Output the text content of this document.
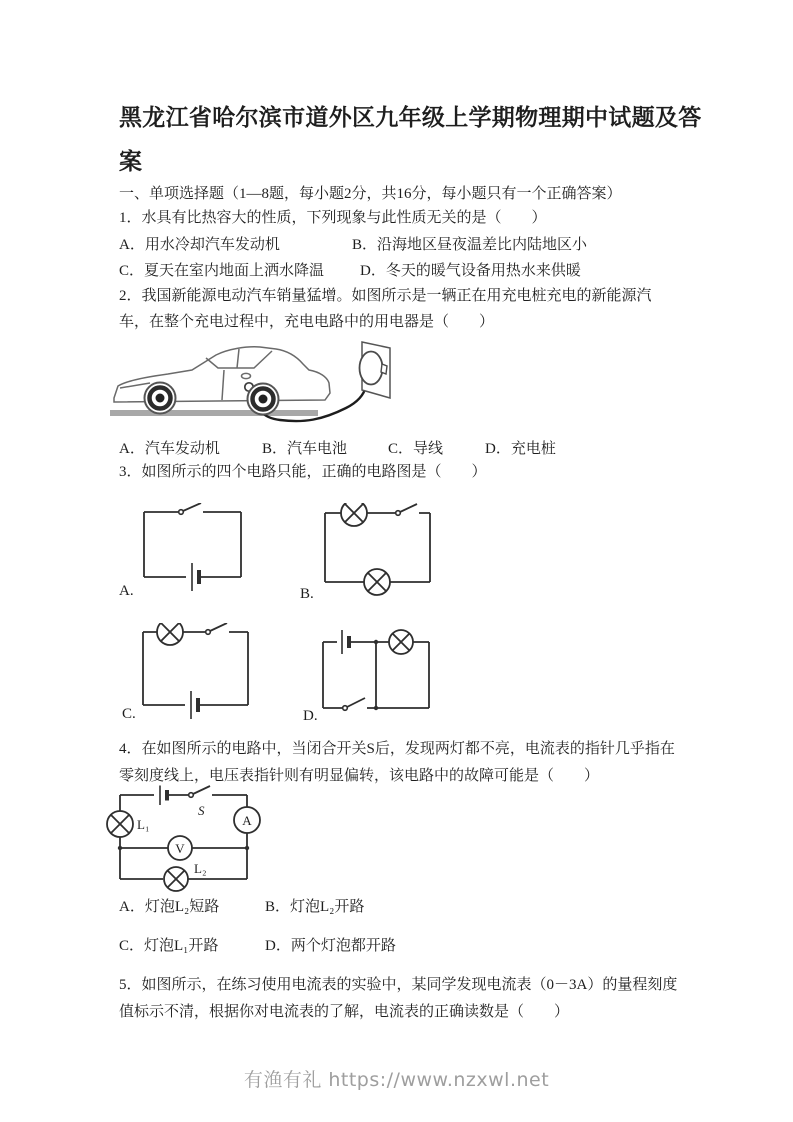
黑龙江省哈尔滨市道外区九年级上学期物理期中试题及答
案
一、单项选择题（1—8题，每小题2分，共16分，每小题只有一个正确答案）
1．水具有比热容大的性质，下列现象与此性质无关的是（　　）
A．用水冷却汽车发动机	B．沿海地区昼夜温差比内陆地区小
C．夏天在室内地面上洒水降温 D．冬天的暖气设备用热水来供暖
2．我国新能源电动汽车销量猛增。如图所示是一辆正在用充电桩充电的新能源汽车，在整个充电过程中，充电电路中的用电器是（　　）
A．汽车发动机	B．汽车电池	C．导线	D．充电桩
3．如图所示的四个电路只能，正确的电路图是（　　）
A.	B.
C.	D.
4．在如图所示的电路中，当闭合开关S后，发现两灯都不亮，电流表的指针几乎指在零刻度线上，电压表指针则有明显偏转，该电路中的故障可能是（　　）
S
L₁	A
V
L₂
A．灯泡L₂短路	B．灯泡L₂开路
C．灯泡L₁开路	D．两个灯泡都开路
5．如图所示，在练习使用电流表的实验中，某同学发现电流表（0－3A）的量程刻度值标示不清，根据你对电流表的了解，电流表的正确读数是（　　）
有渔有礼 https://www.nzxwl.net
